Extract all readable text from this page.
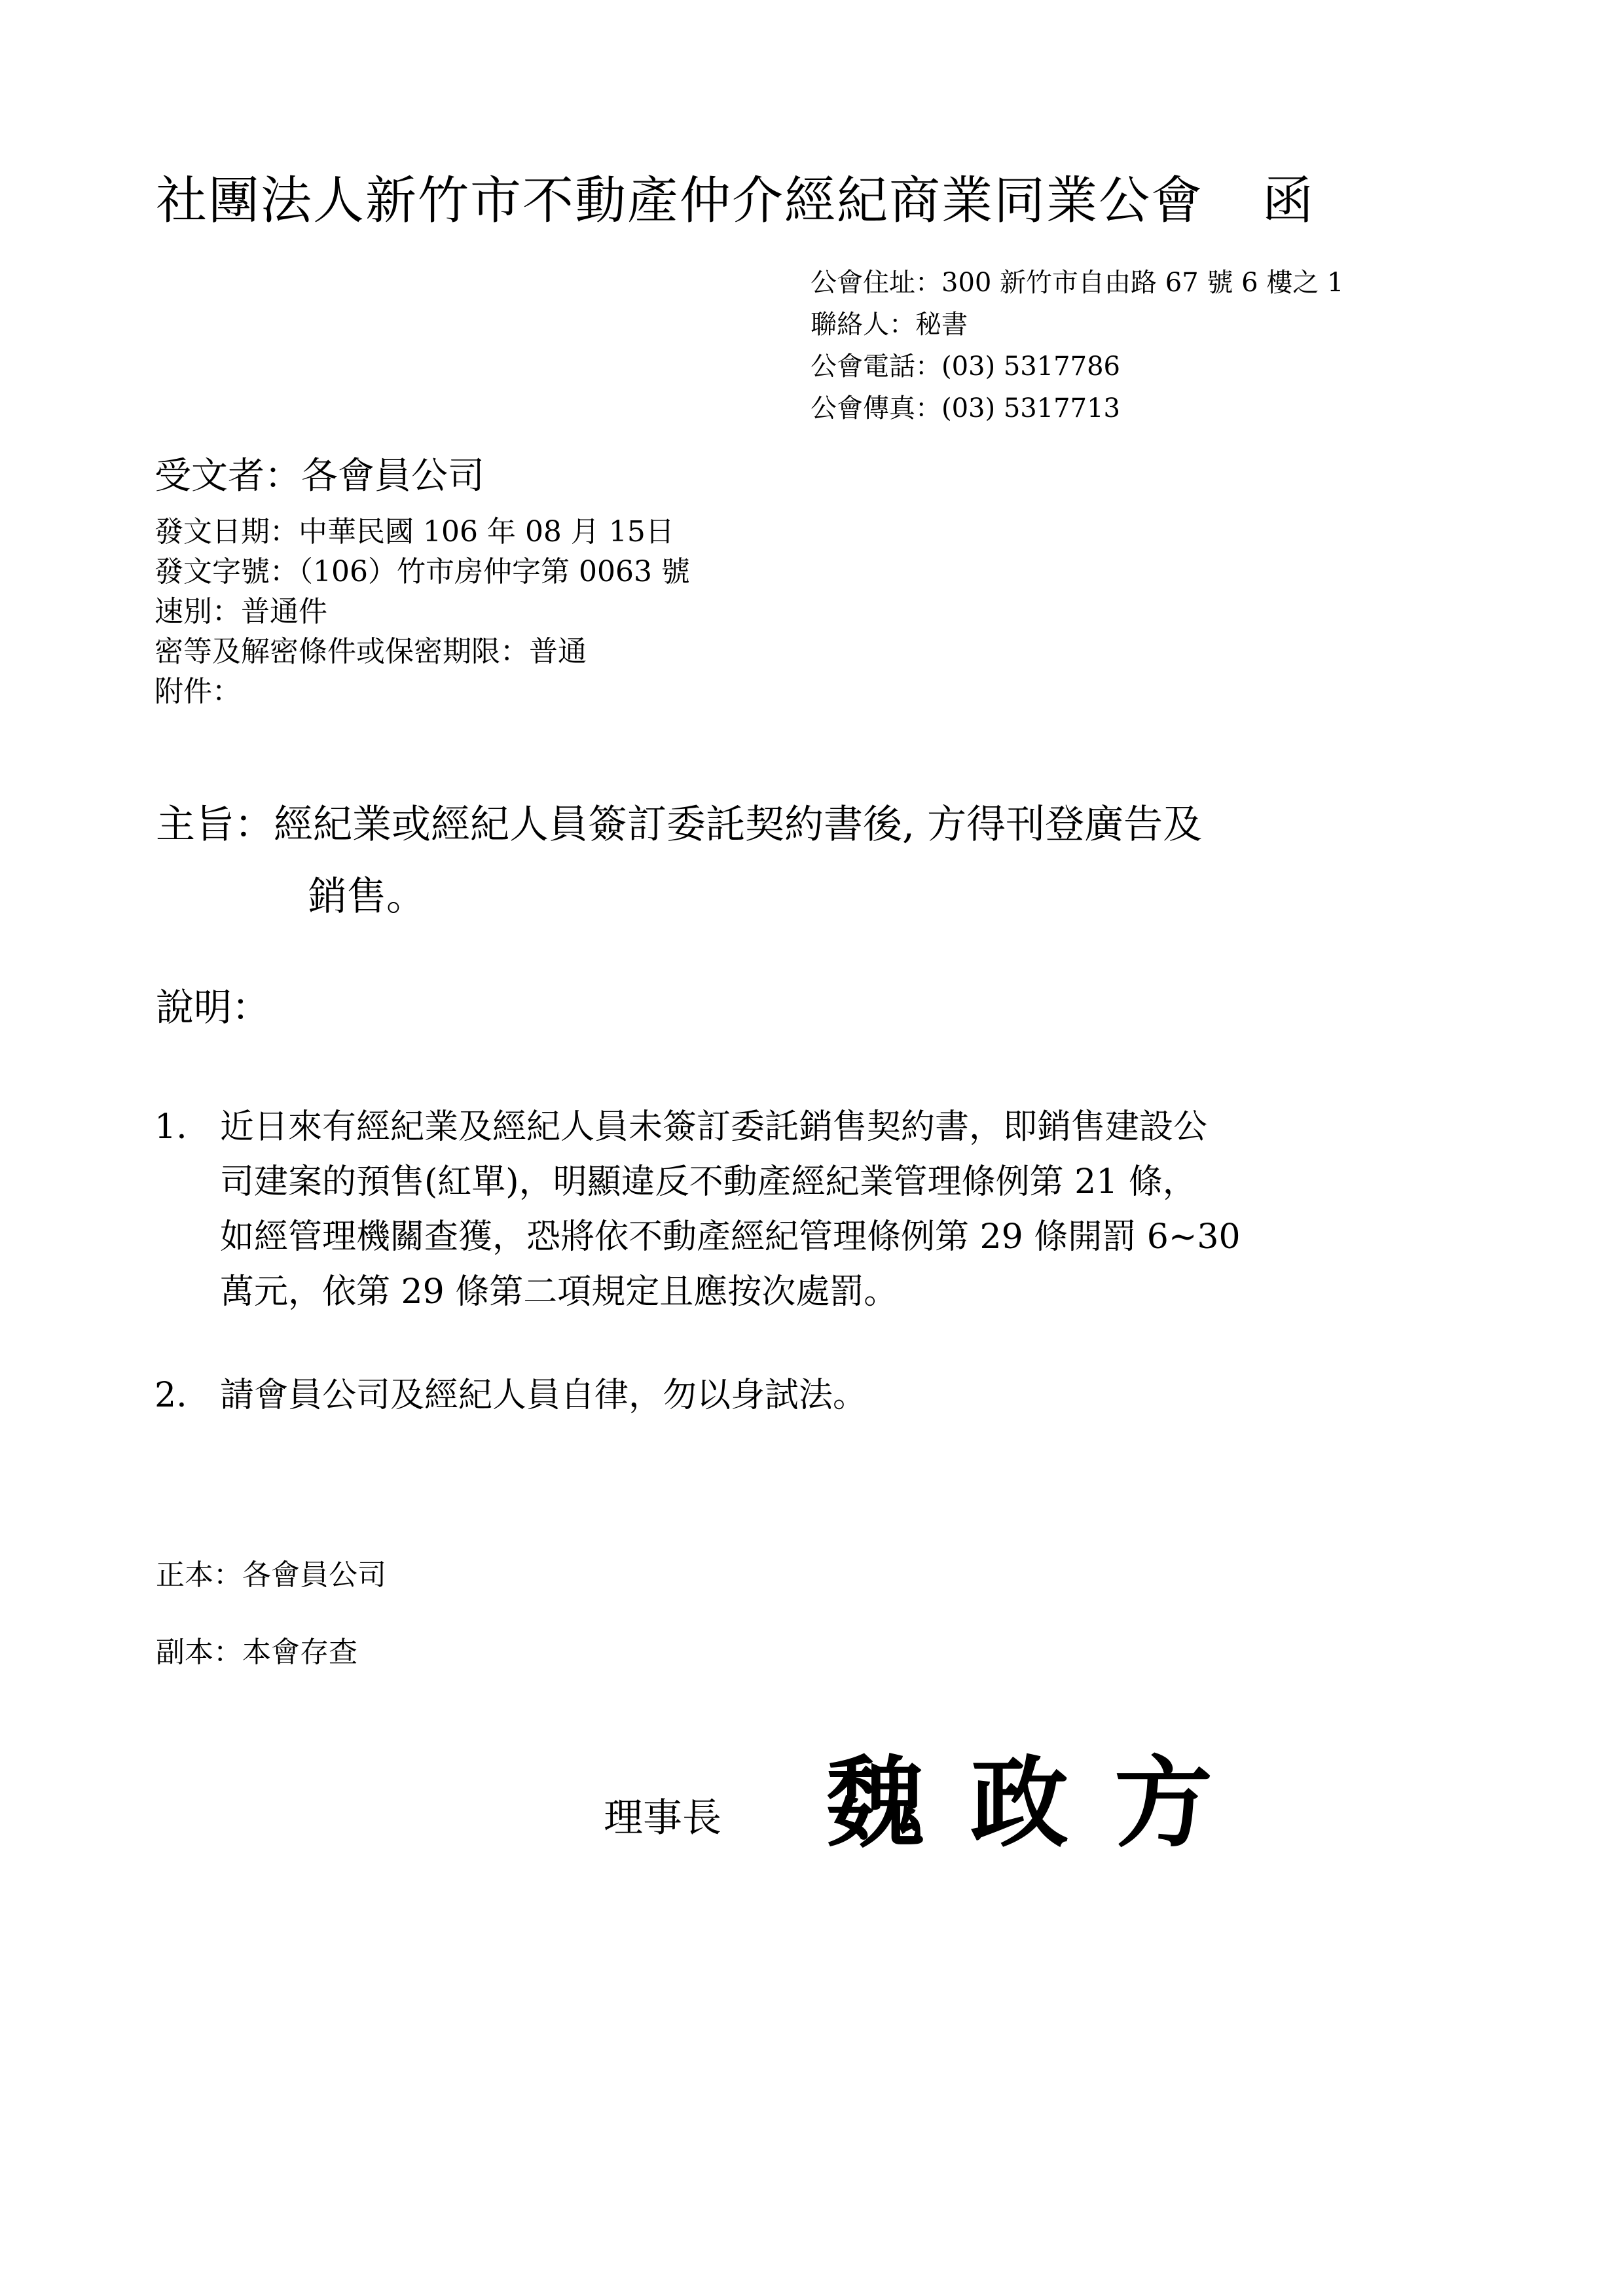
社團法人新竹市不動產仲介經紀商業同業公會 函
公會住址：300 新竹市自由路 67 號 6 樓之 1
聯絡人：秘書
公會電話：(03) 5317786
公會傳真：(03) 5317713
受文者：各會員公司
發文日期：中華民國 106 年 08 月 15日
發文字號：（106）竹市房仲字第 0063 號
速別：普通件
密等及解密條件或保密期限：普通
附件：
主旨：經紀業或經紀人員簽訂委託契約書後, 方得刊登廣告及
銷售。
說明：
1. 近日來有經紀業及經紀人員未簽訂委託銷售契約書，即銷售建設公
司建案的預售(紅單)，明顯違反不動產經紀業管理條例第 21 條，
如經管理機關查獲，恐將依不動產經紀管理條例第 29 條開罰 6~30
萬元，依第 29 條第二項規定且應按次處罰。
2. 請會員公司及經紀人員自律，勿以身試法。
正本：各會員公司
副本：本會存查
理事長 魏政方
